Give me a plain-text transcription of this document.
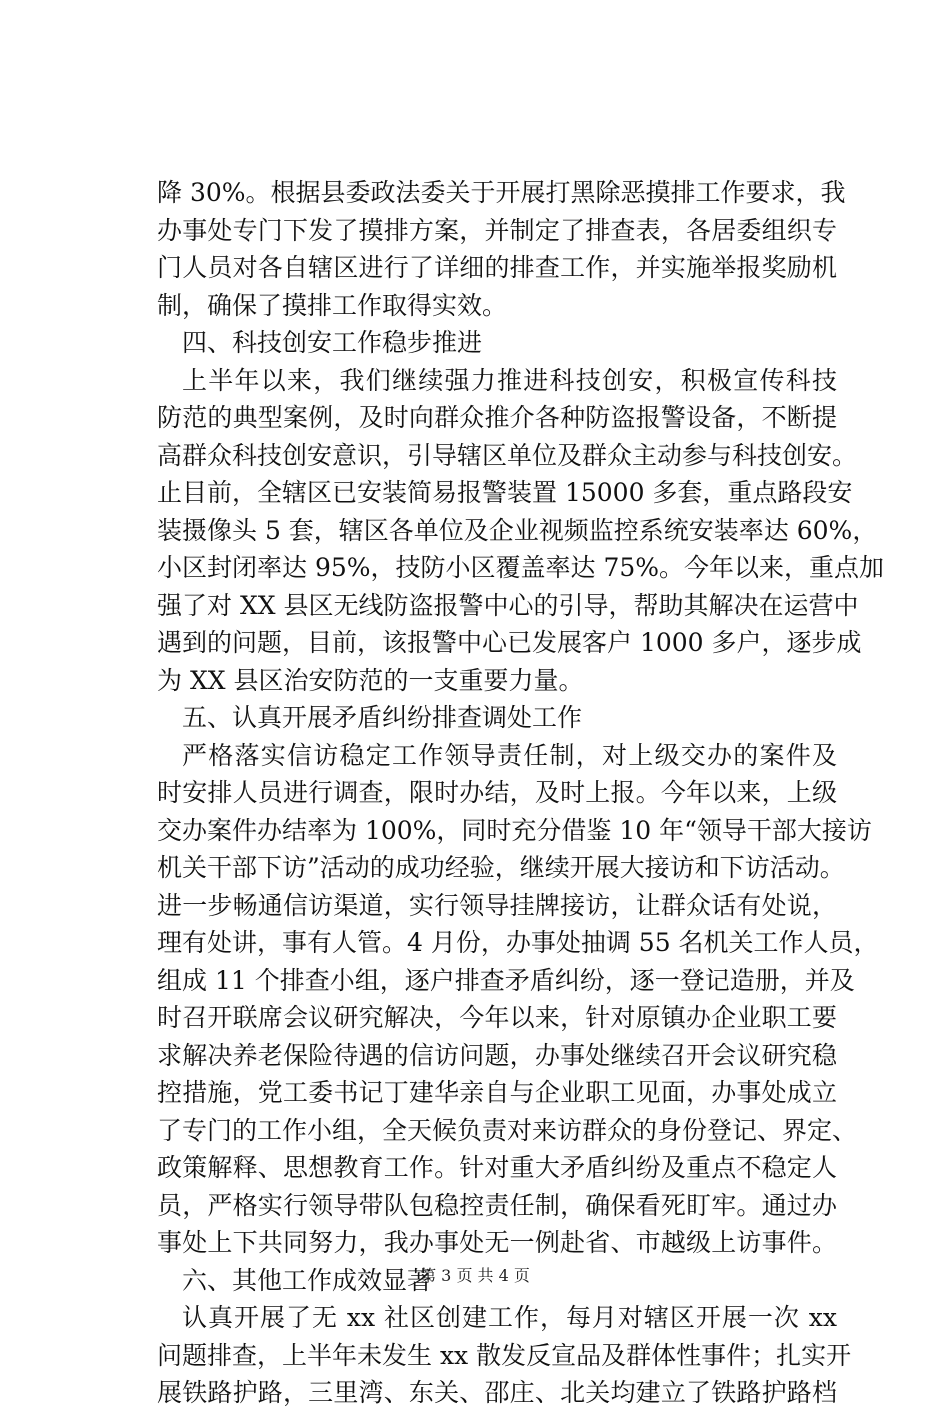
降 30%。根据县委政法委关于开展打黑除恶摸排工作要求，我
办事处专门下发了摸排方案，并制定了排查表，各居委组织专
门人员对各自辖区进行了详细的排查工作，并实施举报奖励机
制，确保了摸排工作取得实效。
四、科技创安工作稳步推进
上半年以来，我们继续强力推进科技创安，积极宣传科技
防范的典型案例，及时向群众推介各种防盗报警设备，不断提
高群众科技创安意识，引导辖区单位及群众主动参与科技创安。
止目前，全辖区已安装简易报警装置 15000 多套，重点路段安
装摄像头 5 套，辖区各单位及企业视频监控系统安装率达 60%，
小区封闭率达 95%，技防小区覆盖率达 75%。今年以来，重点加
强了对 XX 县区无线防盗报警中心的引导，帮助其解决在运营中
遇到的问题，目前，该报警中心已发展客户 1000 多户，逐步成
为 XX 县区治安防范的一支重要力量。
五、认真开展矛盾纠纷排查调处工作
严格落实信访稳定工作领导责任制，对上级交办的案件及
时安排人员进行调查，限时办结，及时上报。今年以来，上级
交办案件办结率为 100%，同时充分借鉴 10 年“领导干部大接访
机关干部下访”活动的成功经验，继续开展大接访和下访活动。
进一步畅通信访渠道，实行领导挂牌接访，让群众话有处说，
理有处讲，事有人管。4 月份，办事处抽调 55 名机关工作人员，
组成 11 个排查小组，逐户排查矛盾纠纷，逐一登记造册，并及
时召开联席会议研究解决，今年以来，针对原镇办企业职工要
求解决养老保险待遇的信访问题，办事处继续召开会议研究稳
控措施，党工委书记丁建华亲自与企业职工见面，办事处成立
了专门的工作小组，全天候负责对来访群众的身份登记、界定、
政策解释、思想教育工作。针对重大矛盾纠纷及重点不稳定人
员，严格实行领导带队包稳控责任制，确保看死盯牢。通过办
事处上下共同努力，我办事处无一例赴省、市越级上访事件。
六、其他工作成效显著
认真开展了无 xx 社区创建工作，每月对辖区开展一次 xx
问题排查，上半年未发生 xx 散发反宣品及群体性事件；扎实开
展铁路护路，三里湾、东关、邵庄、北关均建立了铁路护路档
第 3 页 共 4 页
